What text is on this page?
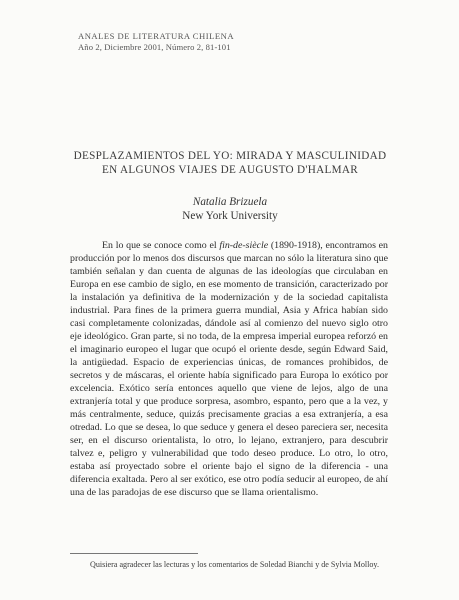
ANALES DE LITERATURA CHILENA
Año 2, Diciembre 2001, Número 2, 81-101
DESPLAZAMIENTOS DEL YO: MIRADA Y MASCULINIDAD
EN ALGUNOS VIAJES DE AUGUSTO D'HALMAR
Natalia Brizuela
New York University

En lo que se conoce como el fin-de-siècle (1890-1918), encontramos en producción por lo menos dos discursos que marcan no sólo la literatura sino que también señalan y dan cuenta de algunas de las ideologías que circulaban en Europa en ese cambio de siglo, en ese momento de transición, caracterizado por la instalación ya definitiva de la modernización y de la sociedad capitalista industrial. Para fines de la primera guerra mundial, Asia y Africa habían sido casi completamente colonizadas, dándole así al comienzo del nuevo siglo otro eje ideológico. Gran parte, si no toda, de la empresa imperial europea reforzó en el imaginario europeo el lugar que ocupó el oriente desde, según Edward Said, la antigüedad. Espacio de experiencias únicas, de romances prohibidos, de secretos y de máscaras, el oriente había significado para Europa lo exótico por excelencia. Exótico sería entonces aquello que viene de lejos, algo de una extranjería total y que produce sorpresa, asombro, espanto, pero que a la vez, y más centralmente, seduce, quizás precisamente gracias a esa extranjería, a esa otredad. Lo que se desea, lo que seduce y genera el deseo pareciera ser, necesita ser, en el discurso orientalista, lo otro, lo lejano, extranjero, para descubrir talvez e, peligro y vulnerabilidad que todo deseo produce. Lo otro, lo otro, estaba así proyectado sobre el oriente bajo el signo de la diferencia - una diferencia exaltada. Pero al ser exótico, ese otro podía seducir al europeo, de ahí una de las paradojas de ese discurso que se llama orientalismo.

Quisiera agradecer las lecturas y los comentarios de Soledad Bianchi y de Sylvia Molloy.
